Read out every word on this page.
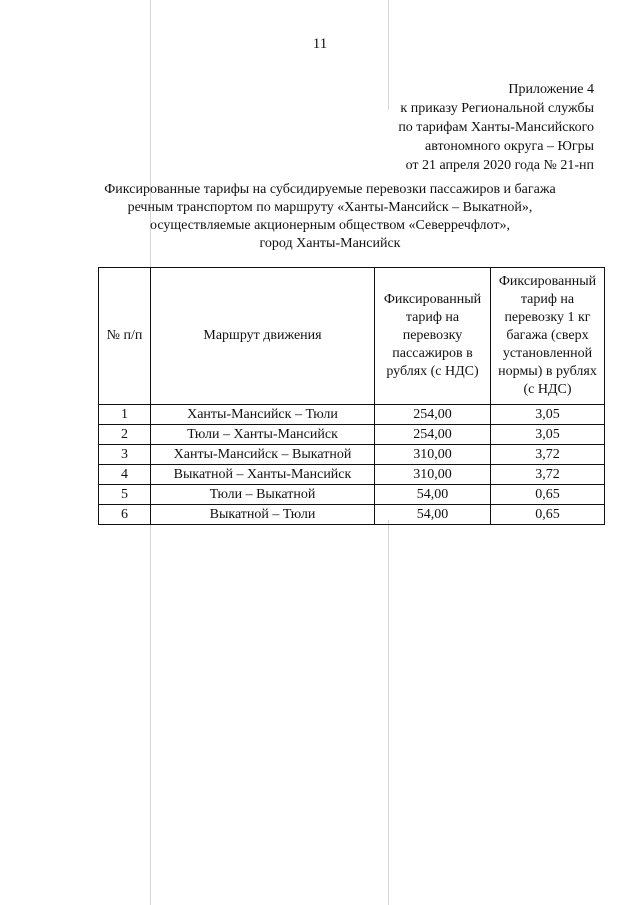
11
Приложение 4
к приказу Региональной службы
по тарифам Ханты-Мансийского
автономного округа – Югры
от 21 апреля 2020 года № 21-нп
Фиксированные тарифы на субсидируемые перевозки пассажиров и багажа
речным транспортом по маршруту «Ханты-Мансийск – Выкатной»,
осуществляемые акционерным обществом «Северречфлот»,
город Ханты-Мансийск
№ п/п	Маршрут движения	Фиксированный тариф на перевозку пассажиров в рублях (с НДС)	Фиксированный тариф на перевозку 1 кг багажа (сверх установленной нормы) в рублях (с НДС)
1	Ханты-Мансийск – Тюли	254,00	3,05
2	Тюли – Ханты-Мансийск	254,00	3,05
3	Ханты-Мансийск – Выкатной	310,00	3,72
4	Выкатной – Ханты-Мансийск	310,00	3,72
5	Тюли – Выкатной	54,00	0,65
6	Выкатной – Тюли	54,00	0,65
